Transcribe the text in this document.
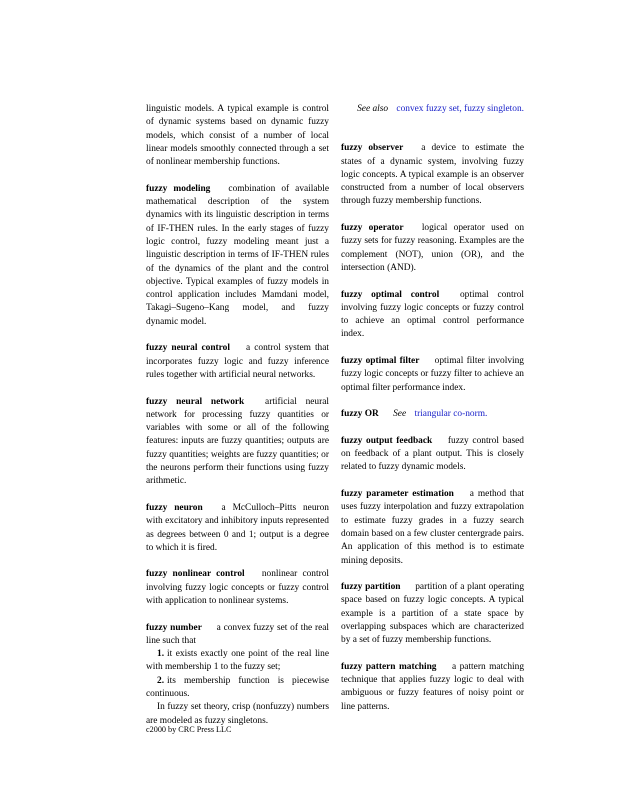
linguistic models. A typical example is control of dynamic systems based on dynamic fuzzy models, which consist of a number of local linear models smoothly connected through a set of nonlinear membership functions.

fuzzy modeling combination of available mathematical description of the system dynamics with its linguistic description in terms of IF-THEN rules. In the early stages of fuzzy logic control, fuzzy modeling meant just a linguistic description in terms of IF-THEN rules of the dynamics of the plant and the control objective. Typical examples of fuzzy models in control application includes Mamdani model, Takagi–Sugeno–Kang model, and fuzzy dynamic model.

fuzzy neural control a control system that incorporates fuzzy logic and fuzzy inference rules together with artificial neural networks.

fuzzy neural network artificial neural network for processing fuzzy quantities or variables with some or all of the following features: inputs are fuzzy quantities; outputs are fuzzy quantities; weights are fuzzy quantities; or the neurons perform their functions using fuzzy arithmetic.

fuzzy neuron a McCulloch–Pitts neuron with excitatory and inhibitory inputs represented as degrees between 0 and 1; output is a degree to which it is fired.

fuzzy nonlinear control nonlinear control involving fuzzy logic concepts or fuzzy control with application to nonlinear systems.

fuzzy number a convex fuzzy set of the real line such that
1. it exists exactly one point of the real line with membership 1 to the fuzzy set;
2. its membership function is piecewise continuous.
In fuzzy set theory, crisp (nonfuzzy) numbers are modeled as fuzzy singletons.

See also convex fuzzy set, fuzzy singleton.

fuzzy observer a device to estimate the states of a dynamic system, involving fuzzy logic concepts. A typical example is an observer constructed from a number of local observers through fuzzy membership functions.

fuzzy operator logical operator used on fuzzy sets for fuzzy reasoning. Examples are the complement (NOT), union (OR), and the intersection (AND).

fuzzy optimal control optimal control involving fuzzy logic concepts or fuzzy control to achieve an optimal control performance index.

fuzzy optimal filter optimal filter involving fuzzy logic concepts or fuzzy filter to achieve an optimal filter performance index.

fuzzy OR See triangular co-norm.

fuzzy output feedback fuzzy control based on feedback of a plant output. This is closely related to fuzzy dynamic models.

fuzzy parameter estimation a method that uses fuzzy interpolation and fuzzy extrapolation to estimate fuzzy grades in a fuzzy search domain based on a few cluster centergrade pairs. An application of this method is to estimate mining deposits.

fuzzy partition partition of a plant operating space based on fuzzy logic concepts. A typical example is a partition of a state space by overlapping subspaces which are characterized by a set of fuzzy membership functions.

fuzzy pattern matching a pattern matching technique that applies fuzzy logic to deal with ambiguous or fuzzy features of noisy point or line patterns.

c2000 by CRC Press LLC
